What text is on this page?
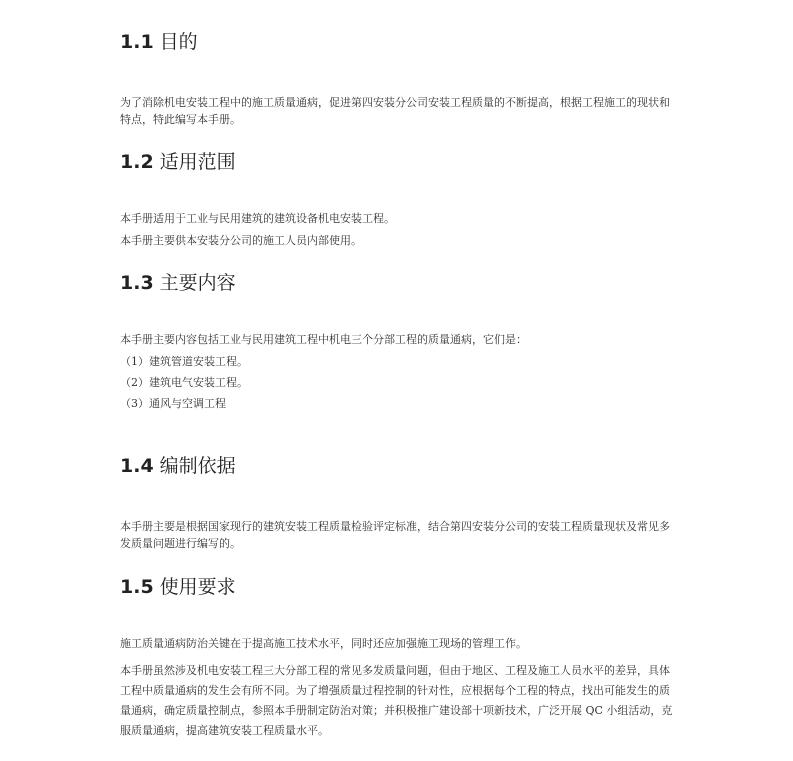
1.1 目的

为了消除机电安装工程中的施工质量通病，促进第四安装分公司安装工程质量的不断提高，根据工程施工的现状和特点，特此编写本手册。

1.2 适用范围

本手册适用于工业与民用建筑的建筑设备机电安装工程。

本手册主要供本安装分公司的施工人员内部使用。

1.3 主要内容

本手册主要内容包括工业与民用建筑工程中机电三个分部工程的质量通病，它们是：

（1）建筑管道安装工程。

（2）建筑电气安装工程。

（3）通风与空调工程

1.4 编制依据

本手册主要是根据国家现行的建筑安装工程质量检验评定标准，结合第四安装分公司的安装工程质量现状及常见多发质量问题进行编写的。

1.5 使用要求

施工质量通病防治关键在于提高施工技术水平，同时还应加强施工现场的管理工作。

本手册虽然涉及机电安装工程三大分部工程的常见多发质量问题，但由于地区、工程及施工人员水平的差异，具体工程中质量通病的发生会有所不同。为了增强质量过程控制的针对性，应根据每个工程的特点，找出可能发生的质量通病，确定质量控制点，参照本手册制定防治对策；并积极推广建设部十项新技术，广泛开展 QC 小组活动，克服质量通病，提高建筑安装工程质量水平。
